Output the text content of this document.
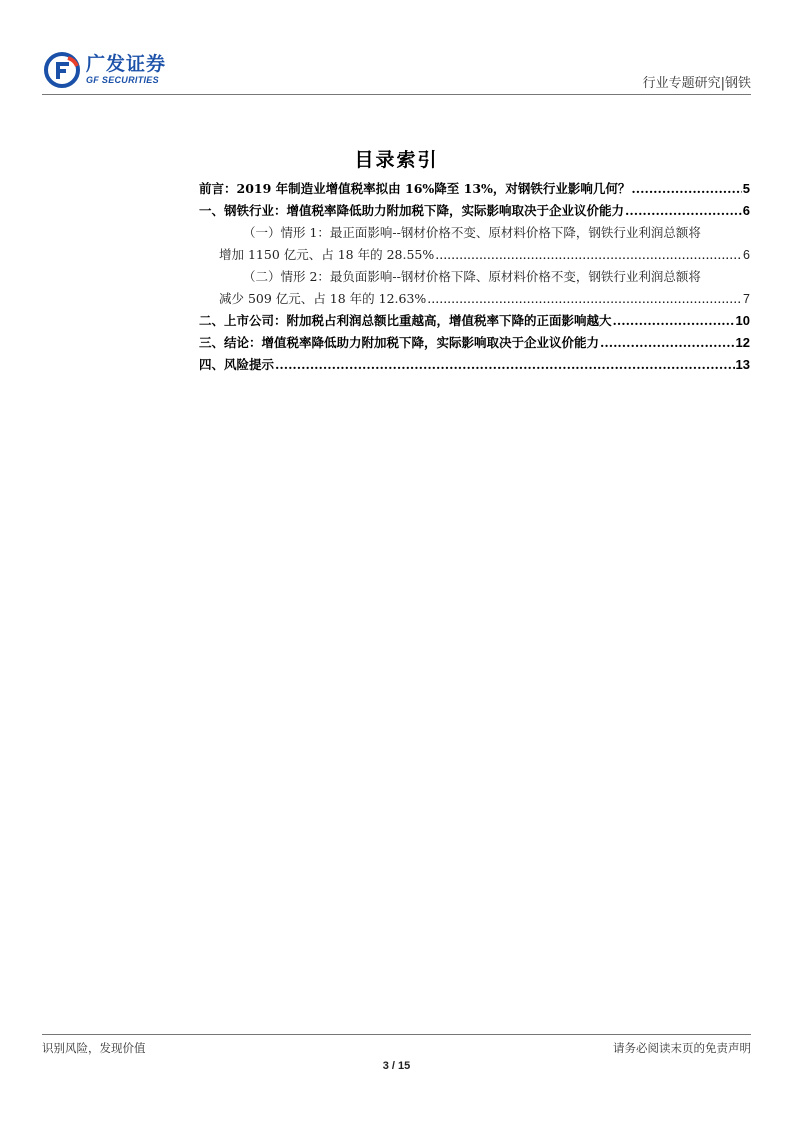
广发证券
GF SECURITIES	行业专题研究|钢铁
目录索引
前言：2019 年制造业增值税率拟由 16%降至 13%，对钢铁行业影响几何？ .....	5
一、钢铁行业：增值税率降低助力附加税下降，实际影响取决于企业议价能力 .....	6
（一）情形 1：最正面影响--钢材价格不变、原材料价格下降，钢铁行业利润总额将
增加 1150 亿元、占 18 年的 28.55% .....	6
（二）情形 2：最负面影响--钢材价格下降、原材料价格不变，钢铁行业利润总额将
减少 509 亿元、占 18 年的 12.63% .....	7
二、上市公司：附加税占利润总额比重越高，增值税率下降的正面影响越大 .....	10
三、结论：增值税率降低助力附加税下降，实际影响取决于企业议价能力 .....	12
四、风险提示 .....	13
识别风险，发现价值	请务必阅读末页的免责声明
3 / 15
